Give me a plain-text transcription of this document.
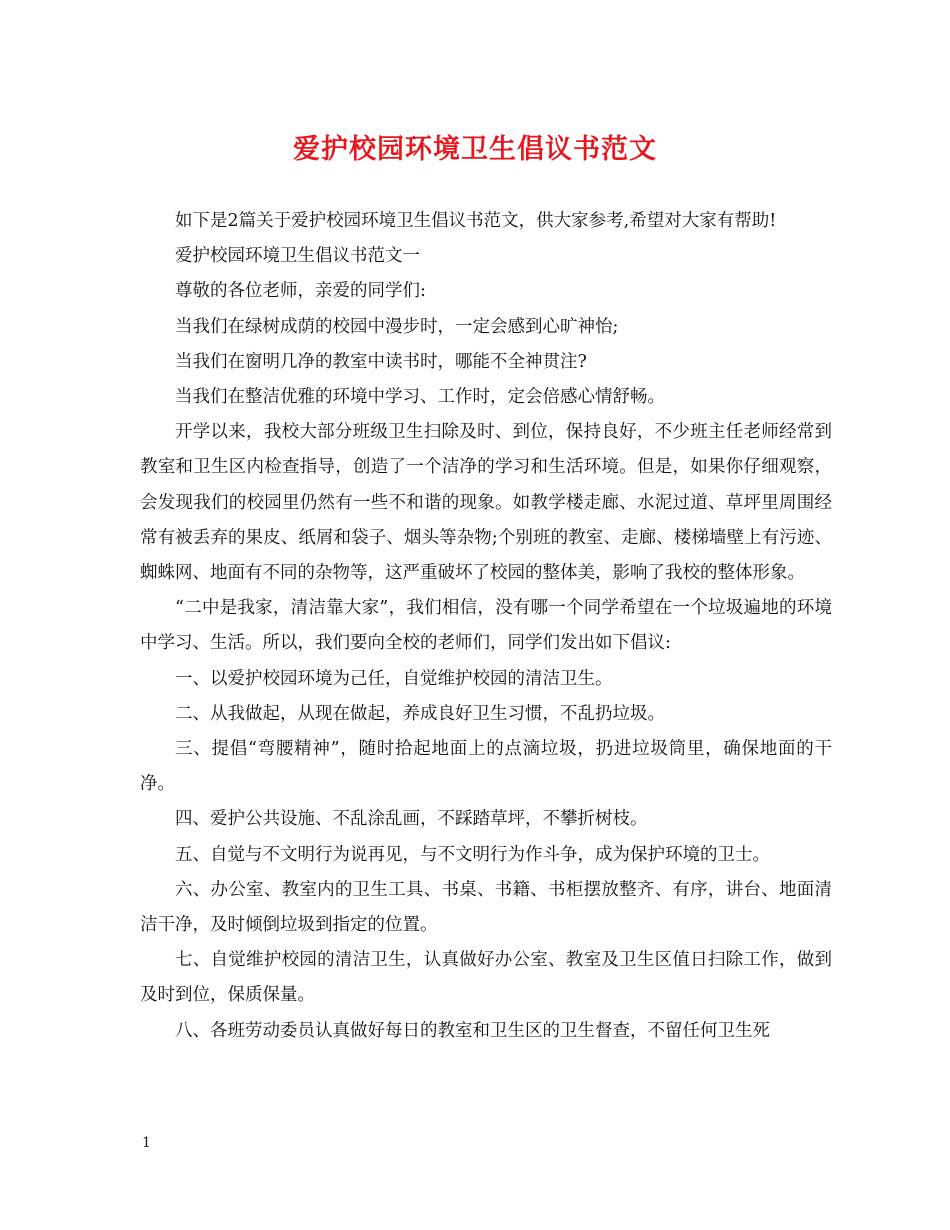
爱护校园环境卫生倡议书范文

如下是2篇关于爱护校园环境卫生倡议书范文，供大家参考,希望对大家有帮助!

爱护校园环境卫生倡议书范文一

尊敬的各位老师，亲爱的同学们:

当我们在绿树成荫的校园中漫步时，一定会感到心旷神怡;

当我们在窗明几净的教室中读书时，哪能不全神贯注?

当我们在整洁优雅的环境中学习、工作时，定会倍感心情舒畅。

开学以来，我校大部分班级卫生扫除及时、到位，保持良好，不少班主任老师经常到教室和卫生区内检查指导，创造了一个洁净的学习和生活环境。但是，如果你仔细观察，会发现我们的校园里仍然有一些不和谐的现象。如教学楼走廊、水泥过道、草坪里周围经常有被丢弃的果皮、纸屑和袋子、烟头等杂物;个别班的教室、走廊、楼梯墙壁上有污迹、蜘蛛网、地面有不同的杂物等，这严重破坏了校园的整体美，影响了我校的整体形象。

“二中是我家，清洁靠大家”，我们相信，没有哪一个同学希望在一个垃圾遍地的环境中学习、生活。所以，我们要向全校的老师们，同学们发出如下倡议:

一、以爱护校园环境为己任，自觉维护校园的清洁卫生。

二、从我做起，从现在做起，养成良好卫生习惯，不乱扔垃圾。

三、提倡“弯腰精神”，随时拾起地面上的点滴垃圾，扔进垃圾筒里，确保地面的干净。

四、爱护公共设施、不乱涂乱画，不踩踏草坪，不攀折树枝。

五、自觉与不文明行为说再见，与不文明行为作斗争，成为保护环境的卫士。

六、办公室、教室内的卫生工具、书桌、书籍、书柜摆放整齐、有序，讲台、地面清洁干净，及时倾倒垃圾到指定的位置。

七、自觉维护校园的清洁卫生，认真做好办公室、教室及卫生区值日扫除工作，做到及时到位，保质保量。

八、各班劳动委员认真做好每日的教室和卫生区的卫生督查，不留任何卫生死

1
